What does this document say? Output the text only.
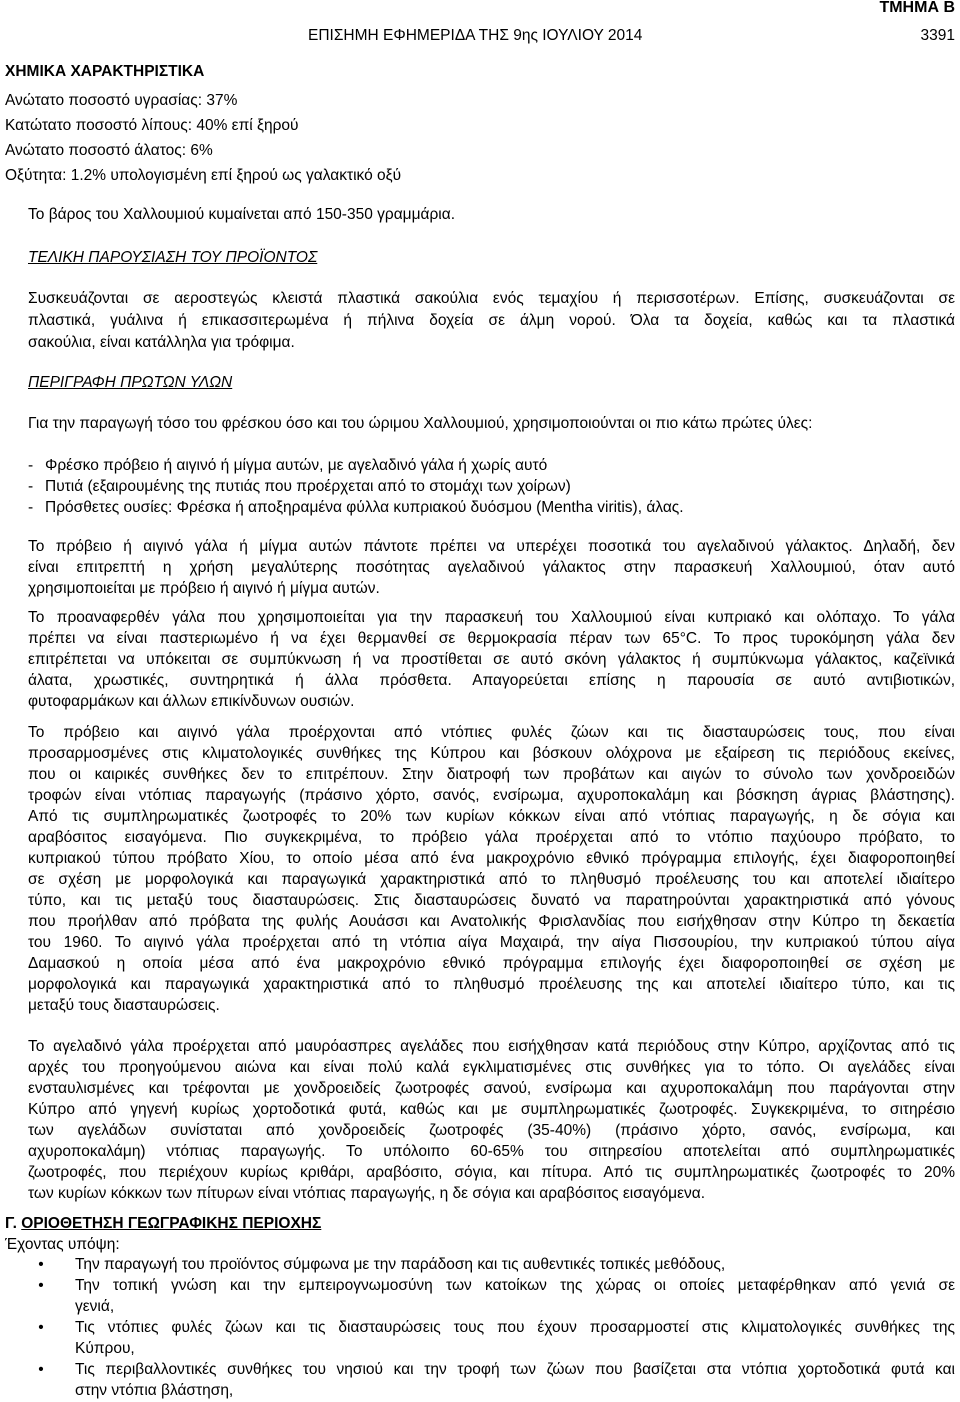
ΤΜΗΜΑ Β
ΕΠΙΣΗΜΗ ΕΦΗΜΕΡΙΔΑ ΤΗΣ 9ης ΙΟΥΛΙΟΥ 2014	3391
ΧΗΜΙΚΑ ΧΑΡΑΚΤΗΡΙΣΤΙΚΑ
Ανώτατο ποσοστό υγρασίας: 37%
Κατώτατο ποσοστό λίπους: 40% επί ξηρού
Ανώτατο ποσοστό άλατος: 6%
Οξύτητα: 1.2% υπολογισμένη επί ξηρού ως γαλακτικό οξύ
Το βάρος του Χαλλουμιού κυμαίνεται από 150-350 γραμμάρια.
ΤΕΛΙΚΗ ΠΑΡΟΥΣΙΑΣΗ ΤΟΥ ΠΡΟΪΟΝΤΟΣ
Συσκευάζονται σε αεροστεγώς κλειστά πλαστικά σακούλια ενός τεμαχίου ή περισσοτέρων. Επίσης, συσκευάζονται σε
πλαστικά, γυάλινα ή επικασσιτερωμένα ή πήλινα δοχεία σε άλμη νορού. Όλα τα δοχεία, καθώς και τα πλαστικά
σακούλια, είναι κατάλληλα για τρόφιμα.
ΠΕΡΙΓΡΑΦΗ ΠΡΩΤΩΝ ΥΛΩΝ
Για την παραγωγή τόσο του φρέσκου όσο και του ώριμου Χαλλουμιού, χρησιμοποιούνται οι πιο κάτω πρώτες ύλες:
- Φρέσκο πρόβειο ή αιγινό ή μίγμα αυτών, με αγελαδινό γάλα ή χωρίς αυτό
- Πυτιά (εξαιρουμένης της πυτιάς που προέρχεται από το στομάχι των χοίρων)
- Πρόσθετες ουσίες: Φρέσκα ή αποξηραμένα φύλλα κυπριακού δυόσμου (Mentha viritis), άλας.
Το πρόβειο ή αιγινό γάλα ή μίγμα αυτών πάντοτε πρέπει να υπερέχει ποσοτικά του αγελαδινού γάλακτος. Δηλαδή, δεν
είναι επιτρεπτή η χρήση μεγαλύτερης ποσότητας αγελαδινού γάλακτος στην παρασκευή Χαλλουμιού, όταν αυτό
χρησιμοποιείται με πρόβειο ή αιγινό ή μίγμα αυτών.
Το προαναφερθέν γάλα που χρησιμοποιείται για την παρασκευή του Χαλλουμιού είναι κυπριακό και ολόπαχο. Το γάλα
πρέπει να είναι παστεριωμένο ή να έχει θερμανθεί σε θερμοκρασία πέραν των 65°C. Το προς τυροκόμηση γάλα δεν
επιτρέπεται να υπόκειται σε συμπύκνωση ή να προστίθεται σε αυτό σκόνη γάλακτος ή συμπύκνωμα γάλακτος, καζεϊνικά
άλατα, χρωστικές, συντηρητικά ή άλλα πρόσθετα. Απαγορεύεται επίσης η παρουσία σε αυτό αντιβιοτικών,
φυτοφαρμάκων και άλλων επικίνδυνων ουσιών.
Το πρόβειο και αιγινό γάλα προέρχονται από ντόπιες φυλές ζώων και τις διασταυρώσεις τους, που είναι
προσαρμοσμένες στις κλιματολογικές συνθήκες της Κύπρου και βόσκουν ολόχρονα με εξαίρεση τις περιόδους εκείνες,
που οι καιρικές συνθήκες δεν το επιτρέπουν. Στην διατροφή των προβάτων και αιγών το σύνολο των χονδροειδών
τροφών είναι ντόπιας παραγωγής (πράσινο χόρτο, σανός, ενσίρωμα, αχυροποκαλάμη και βόσκηση άγριας βλάστησης).
Από τις συμπληρωματικές ζωοτροφές το 20% των κυρίων κόκκων είναι από ντόπιας παραγωγής, η δε σόγια και
αραβόσιτος εισαγόμενα. Πιο συγκεκριμένα, το πρόβειο γάλα προέρχεται από το ντόπιο παχύουρο πρόβατο, το
κυπριακού τύπου πρόβατο Χίου, το οποίο μέσα από ένα μακροχρόνιο εθνικό πρόγραμμα επιλογής, έχει διαφοροποιηθεί
σε σχέση με μορφολογικά και παραγωγικά χαρακτηριστικά από το πληθυσμό προέλευσης του και αποτελεί ιδιαίτερο
τύπο, και τις μεταξύ τους διασταυρώσεις. Στις διασταυρώσεις δυνατό να παρατηρούνται χαρακτηριστικά από γόνους
που προήλθαν από πρόβατα της φυλής Αουάσσι και Ανατολικής Φρισλανδίας που εισήχθησαν στην Κύπρο τη δεκαετία
του 1960. Το αιγινό γάλα προέρχεται από τη ντόπια αίγα Μαχαιρά, την αίγα Πισσουρίου, την κυπριακού τύπου αίγα
Δαμασκού η οποία μέσα από ένα μακροχρόνιο εθνικό πρόγραμμα επιλογής έχει διαφοροποιηθεί σε σχέση με
μορφολογικά και παραγωγικά χαρακτηριστικά από το πληθυσμό προέλευσης της και αποτελεί ιδιαίτερο τύπο, και τις
μεταξύ τους διασταυρώσεις.
Το αγελαδινό γάλα προέρχεται από μαυρόασπρες αγελάδες που εισήχθησαν κατά περιόδους στην Κύπρο, αρχίζοντας από τις
αρχές του προηγούμενου αιώνα και είναι πολύ καλά εγκλιματισμένες στις συνθήκες για το τόπο. Οι αγελάδες είναι
ενσταυλισμένες και τρέφονται με χονδροειδείς ζωοτροφές σανού, ενσίρωμα και αχυροποκαλάμη που παράγονται στην
Κύπρο από γηγενή κυρίως χορτοδοτικά φυτά, καθώς και με συμπληρωματικές ζωοτροφές. Συγκεκριμένα, το σιτηρέσιο
των αγελάδων συνίσταται από χονδροειδείς ζωοτροφές (35-40%) (πράσινο χόρτο, σανός, ενσίρωμα, και
αχυροποκαλάμη) ντόπιας παραγωγής. Το υπόλοιπο 60-65% του σιτηρεσίου αποτελείται από συμπληρωματικές
ζωοτροφές, που περιέχουν κυρίως κριθάρι, αραβόσιτο, σόγια, και πίτυρα. Από τις συμπληρωματικές ζωοτροφές το 20%
των κυρίων κόκκων των πίτυρων είναι ντόπιας παραγωγής, η δε σόγια και αραβόσιτος εισαγόμενα.
Γ. ΟΡΙΟΘΕΤΗΣΗ ΓΕΩΓΡΑΦΙΚΗΣ ΠΕΡΙΟΧΗΣ
Έχοντας υπόψη:
• Την παραγωγή του προϊόντος σύμφωνα με την παράδοση και τις αυθεντικές τοπικές μεθόδους,
• Την τοπική γνώση και την εμπειρογνωμοσύνη των κατοίκων της χώρας οι οποίες μεταφέρθηκαν από γενιά σε
γενιά,
• Τις ντόπιες φυλές ζώων και τις διασταυρώσεις τους που έχουν προσαρμοστεί στις κλιματολογικές συνθήκες της
Κύπρου,
• Τις περιβαλλοντικές συνθήκες του νησιού και την τροφή των ζώων που βασίζεται στα ντόπια χορτοδοτικά φυτά και
στην ντόπια βλάστηση,
